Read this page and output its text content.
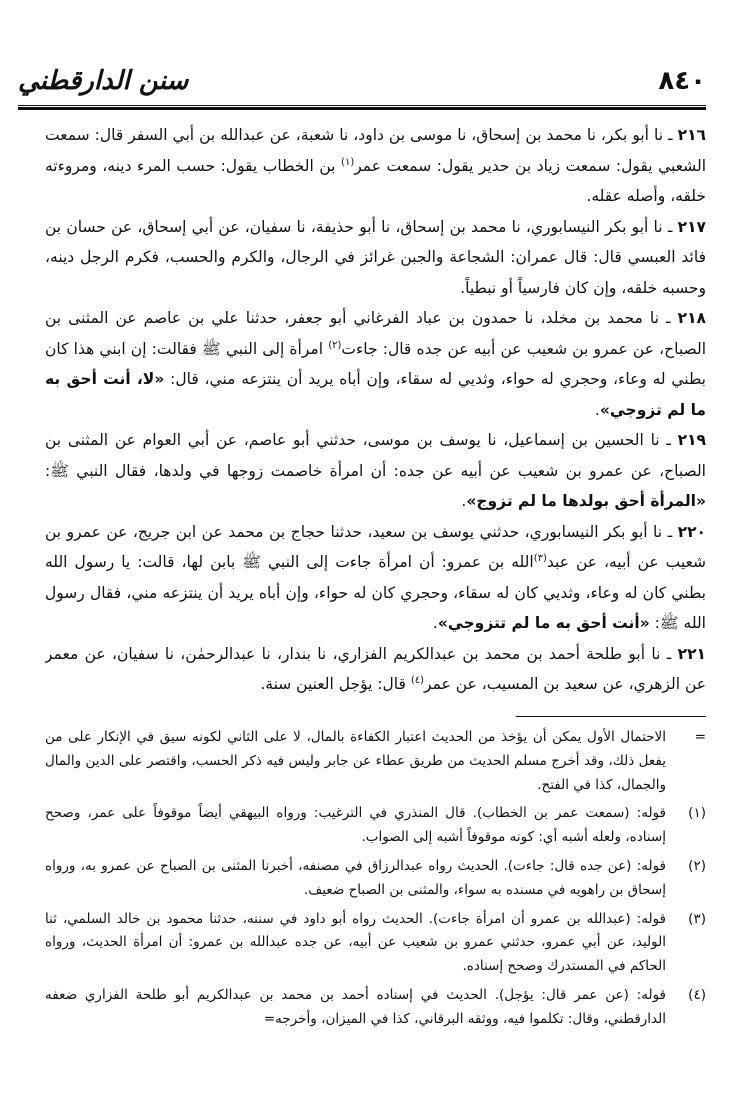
٨٤٠
سنن الدارقطني

٢١٦ ـ نا أبو بكر، نا محمد بن إسحاق، نا موسى بن داود، نا شعبة، عن عبدالله بن أبي السفر قال: سمعت الشعبي يقول: سمعت زياد بن حدير يقول: سمعت عمر$^{(١)}$ بن الخطاب يقول: حسب المرء دينه، ومروءته خلقه، وأصله عقله.

٢١٧ ـ نا أبو بكر النيسابوري، نا محمد بن إسحاق، نا أبو حذيفة، نا سفيان، عن أبي إسحاق، عن حسان بن فائد العبسي قال: قال عمران: الشجاعة والجبن غرائز في الرجال، والكرم والحسب، فكرم الرجل دينه، وحسبه خلقه، وإن كان فارسياً أو نبطياً.

٢١٨ ـ نا محمد بن مخلد، نا حمدون بن عباد الفرغاني أبو جعفر، حدثنا علي بن عاصم عن المثنى بن الصباح، عن عمرو بن شعيب عن أبيه عن جده قال: جاءت$^{(٢)}$ امرأة إلى النبي ﷺ فقالت: إن ابني هذا كان بطني له وعاء، وحجري له حواء، وثديي له سقاء، وإن أباه يريد أن ينتزعه مني، قال: «لا، أنت أحق به ما لم تزوجي».

٢١٩ ـ نا الحسين بن إسماعيل، نا يوسف بن موسى، حدثني أبو عاصم، عن أبي العوام عن المثنى بن الصباح، عن عمرو بن شعيب عن أبيه عن جده: أن امرأة خاصمت زوجها في ولدها، فقال النبي ﷺ: «المرأة أحق بولدها ما لم تزوج».

٢٢٠ ـ نا أبو بكر النيسابوري، حدثني يوسف بن سعيد، حدثنا حجاج بن محمد عن ابن جريج، عن عمرو بن شعيب عن أبيه، عن عبد$^{(٣)}$الله بن عمرو: أن امرأة جاءت إلى النبي ﷺ بابن لها، قالت: يا رسول الله بطني كان له وعاء، وثديي كان له سقاء، وحجري كان له حواء، وإن أباه يريد أن ينتزعه مني، فقال رسول الله ﷺ: «أنت أحق به ما لم تتزوجي».

٢٢١ ـ نا أبو طلحة أحمد بن محمد بن عبدالكريم الفزاري، نا بندار، نا عبدالرحمٰن، نا سفيان، عن معمر عن الزهري، عن سعيد بن المسيب، عن عمر$^{(٤)}$ قال: يؤجل العنين سنة.

=
الاحتمال الأول يمكن أن يؤخذ من الحديث اعتبار الكفاءة بالمال، لا على الثاني لكونه سيق في الإنكار على من يفعل ذلك، وقد أخرج مسلم الحديث من طريق عطاء عن جابر وليس فيه ذكر الحسب، واقتصر على الدين والمال والجمال، كذا في الفتح.
(١)
قوله: (سمعت عمر بن الخطاب). قال المنذري في الترغيب: ورواه البيهقي أيضاً موقوفاً على عمر، وصحح إسناده، ولعله أشبه أي: كونه موقوفاً أشبه إلى الصواب.
(٢)
قوله: (عن جده قال: جاءت). الحديث رواه عبدالرزاق في مصنفه، أخبرنا المثنى بن الصباح عن عمرو به، ورواه إسحاق بن راهويه في مسنده به سواء، والمثنى بن الصباح ضعيف.
(٣)
قوله: (عبدالله بن عمرو أن امرأة جاءت). الحديث رواه أبو داود في سننه، حدثنا محمود بن خالد السلمي، ثنا الوليد، عن أبي عمرو، حدثني عمرو بن شعيب عن أبيه، عن جده عبدالله بن عمرو: أن امرأة الحديث، ورواه الحاكم في المستدرك وصحح إسناده.
(٤)
قوله: (عن عمر قال: يؤجل). الحديث في إسناده أحمد بن محمد بن عبدالكريم أبو طلحة الفزاري ضعفه الدارقطني، وقال: تكلموا فيه، ووثقه البرقاني، كذا في الميزان، وأخرجه=
